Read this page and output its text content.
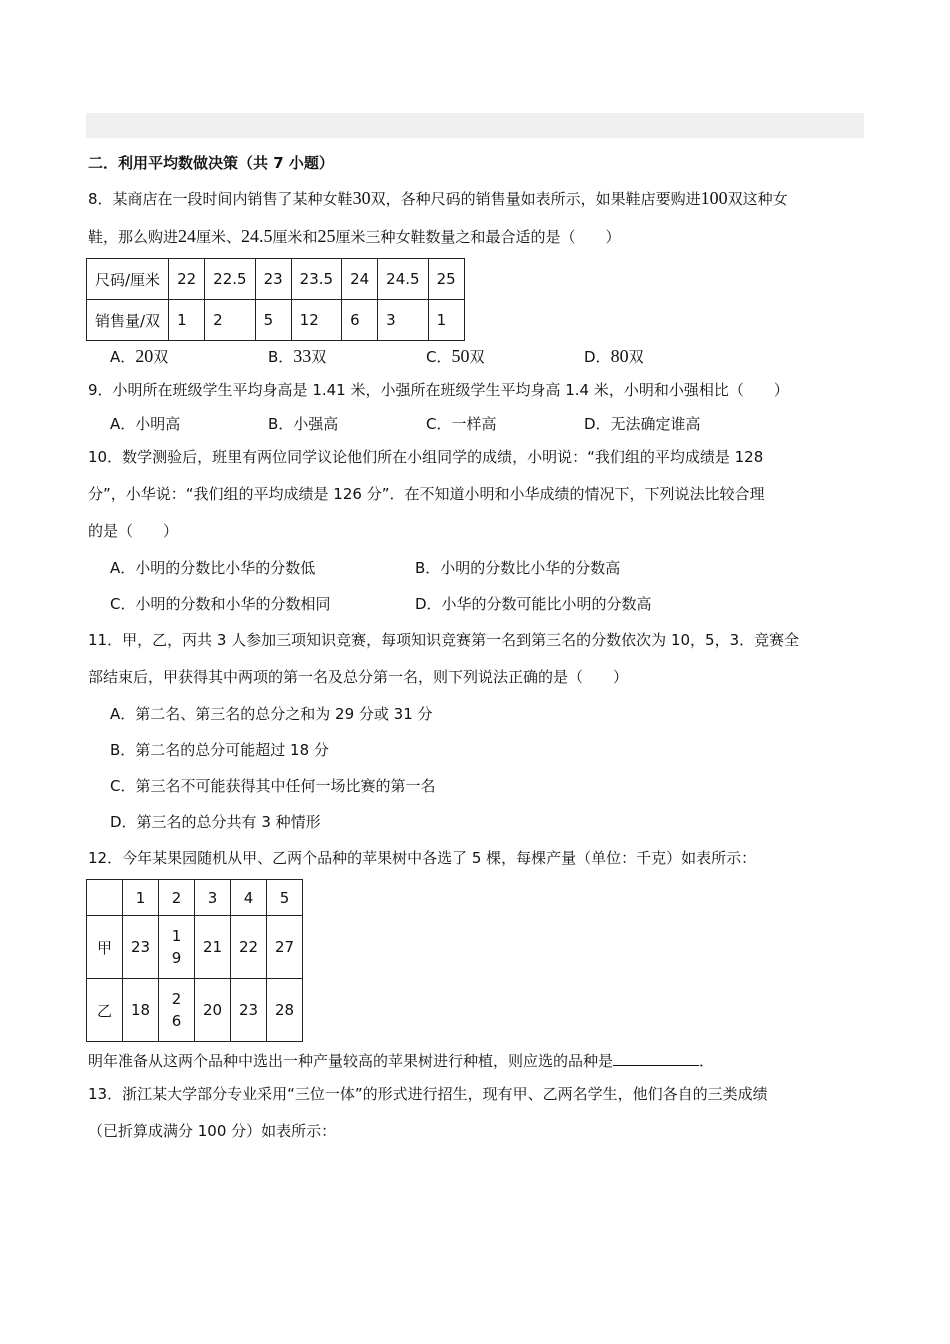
二．利用平均数做决策（共 7 小题）

8．某商店在一段时间内销售了某种女鞋30双，各种尺码的销售量如表所示，如果鞋店要购进100双这种女

鞋，那么购进24厘米、24.5厘米和25厘米三种女鞋数量之和最合适的是（　　）

尺码/厘米	22	22.5	23	23.5	24	24.5	25
销售量/双	1	2	5	12	6	3	1
A．20双	B．33双	C．50双	D．80双

9．小明所在班级学生平均身高是 1.41 米，小强所在班级学生平均身高 1.4 米，小明和小强相比（　　）

A．小明高	B．小强高	C．一样高	D．无法确定谁高

10．数学测验后，班里有两位同学议论他们所在小组同学的成绩，小明说：“我们组的平均成绩是 128

分”，小华说：“我们组的平均成绩是 126 分”．在不知道小明和小华成绩的情况下，下列说法比较合理

的是（　　）

A．小明的分数比小华的分数低	B．小明的分数比小华的分数高
C．小明的分数和小华的分数相同	D．小华的分数可能比小明的分数高

11．甲，乙，丙共 3 人参加三项知识竞赛，每项知识竞赛第一名到第三名的分数依次为 10，5，3．竞赛全

部结束后，甲获得其中两项的第一名及总分第一名，则下列说法正确的是（　　）

A．第二名、第三名的总分之和为 29 分或 31 分
B．第二名的总分可能超过 18 分
C．第三名不可能获得其中任何一场比赛的第一名
D．第三名的总分共有 3 种情形

12．今年某果园随机从甲、乙两个品种的苹果树中各选了 5 棵，每棵产量（单位：千克）如表所示：

	1	2	3	4	5
甲	23	19	21	22	27
乙	18	26	20	23	28

明年准备从这两个品种中选出一种产量较高的苹果树进行种植，则应选的品种是	．

13．浙江某大学部分专业采用“三位一体”的形式进行招生，现有甲、乙两名学生，他们各自的三类成绩

（已折算成满分 100 分）如表所示：
